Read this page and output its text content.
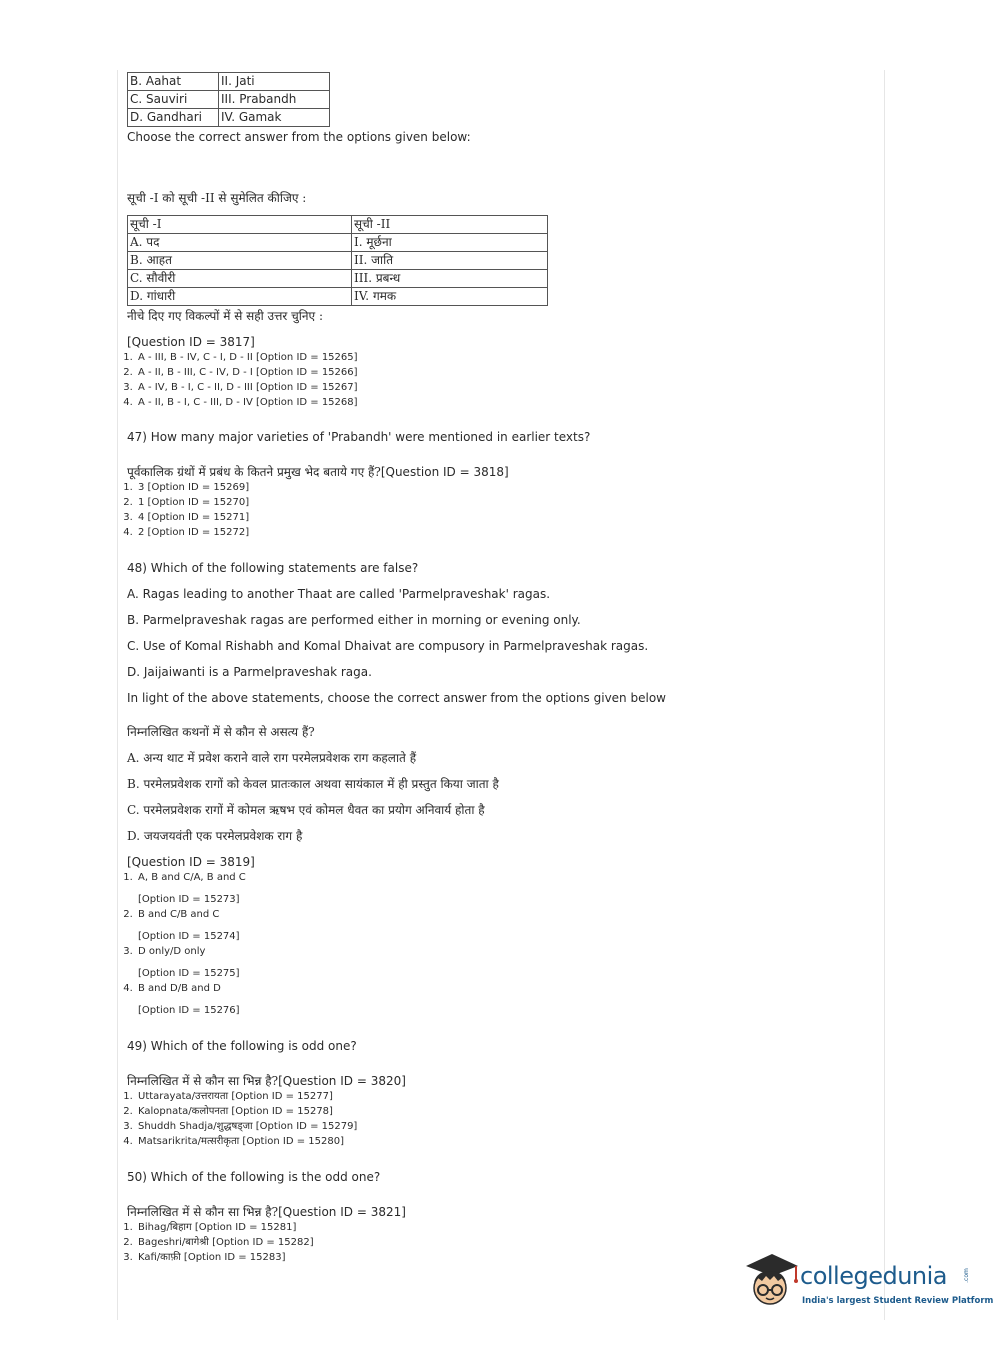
B. Aahat	II. Jati
C. Sauviri	III. Prabandh
D. Gandhari	IV. Gamak
Choose the correct answer from the options given below:
सूची -I को सूची -II से सुमेलित कीजिए :
सूची -I	सूची -II
A. पद	I. मूर्छना
B. आहत	II. जाति
C. सौवीरी	III. प्रबन्ध
D. गांधारी	IV. गमक
नीचे दिए गए विकल्पों में से सही उत्तर चुनिए :
[Question ID = 3817]
1. A - III, B - IV, C - I, D - II [Option ID = 15265]
2. A - II, B - III, C - IV, D - I [Option ID = 15266]
3. A - IV, B - I, C - II, D - III [Option ID = 15267]
4. A - II, B - I, C - III, D - IV [Option ID = 15268]
47) How many major varieties of 'Prabandh' were mentioned in earlier texts?
पूर्वकालिक ग्रंथों में प्रबंध के कितने प्रमुख भेद बताये गए हैं?[Question ID = 3818]
1. 3 [Option ID = 15269]
2. 1 [Option ID = 15270]
3. 4 [Option ID = 15271]
4. 2 [Option ID = 15272]
48) Which of the following statements are false?
A. Ragas leading to another Thaat are called 'Parmelpraveshak' ragas.
B. Parmelpraveshak ragas are performed either in morning or evening only.
C. Use of Komal Rishabh and Komal Dhaivat are compusory in Parmelpraveshak ragas.
D. Jaijaiwanti is a Parmelpraveshak raga.
In light of the above statements, choose the correct answer from the options given below
निम्नलिखित कथनों में से कौन से असत्य हैं?
A. अन्य थाट में प्रवेश कराने वाले राग परमेलप्रवेशक राग कहलाते हैं
B. परमेलप्रवेशक रागों को केवल प्रातःकाल अथवा सायंकाल में ही प्रस्तुत किया जाता है
C. परमेलप्रवेशक रागों में कोमल ऋषभ एवं कोमल धैवत का प्रयोग अनिवार्य होता है
D. जयजयवंती एक परमेलप्रवेशक राग है
[Question ID = 3819]
1. A, B and C/A, B and C
[Option ID = 15273]
2. B and C/B and C
[Option ID = 15274]
3. D only/D only
[Option ID = 15275]
4. B and D/B and D
[Option ID = 15276]
49) Which of the following is odd one?
निम्नलिखित में से कौन सा भिन्न है?[Question ID = 3820]
1. Uttarayata/उत्तरायता [Option ID = 15277]
2. Kalopnata/कलोपनता [Option ID = 15278]
3. Shuddh Shadja/शुद्धषड्जा [Option ID = 15279]
4. Matsarikrita/मत्सरीकृता [Option ID = 15280]
50) Which of the following is the odd one?
निम्नलिखित में से कौन सा भिन्न है?[Question ID = 3821]
1. Bihag/बिहाग [Option ID = 15281]
2. Bageshri/बागेश्री [Option ID = 15282]
3. Kafi/काफ़ी [Option ID = 15283]
collegedunia	.com
India's largest Student Review Platform
